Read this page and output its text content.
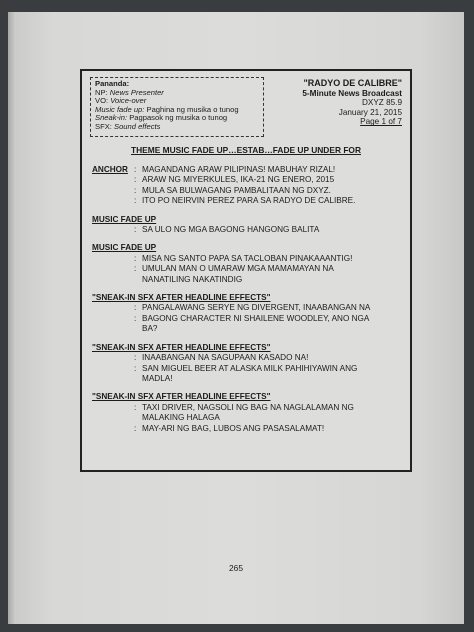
Pananda:
NP: News Presenter
VO: Voice-over
Music fade up: Paghina ng musika o tunog
Sneak-in: Pagpasok ng musika o tunog
SFX: Sound effects
"RADYO DE CALIBRE"
5-Minute News Broadcast
DXYZ 85.9
January 21, 2015
Page 1 of 7
THEME MUSIC FADE UP…ESTAB…FADE UP UNDER FOR
ANCHOR : MAGANDANG ARAW PILIPINAS! MABUHAY RIZAL!
: ARAW NG MIYERKULES, IKA-21 NG ENERO, 2015
: MULA SA BULWAGANG PAMBALITAAN NG DXYZ.
: ITO PO NEIRVIN PEREZ PARA SA RADYO DE CALIBRE.
MUSIC FADE UP
: SA ULO NG MGA BAGONG HANGONG BALITA
MUSIC FADE UP
: MISA NG SANTO PAPA SA TACLOBAN PINAKAAANTIG!
: UMULAN MAN O UMARAW MGA MAMAMAYAN NA
NANATILING NAKATINDIG
"SNEAK-IN SFX AFTER HEADLINE EFFECTS"
: PANGALAWANG SERYE NG DIVERGENT, INAABANGAN NA
: BAGONG CHARACTER NI SHAILENE WOODLEY, ANO NGA
BA?
"SNEAK-IN SFX AFTER HEADLINE EFFECTS"
: INAABANGAN NA SAGUPAAN KASADO NA!
: SAN MIGUEL BEER AT ALASKA MILK PAHIHIYAWIN ANG
MADLA!
"SNEAK-IN SFX AFTER HEADLINE EFFECTS"
: TAXI DRIVER, NAGSOLI NG BAG NA NAGLALAMAN NG
MALAKING HALAGA
: MAY-ARI NG BAG, LUBOS ANG PASASALAMAT!
265
